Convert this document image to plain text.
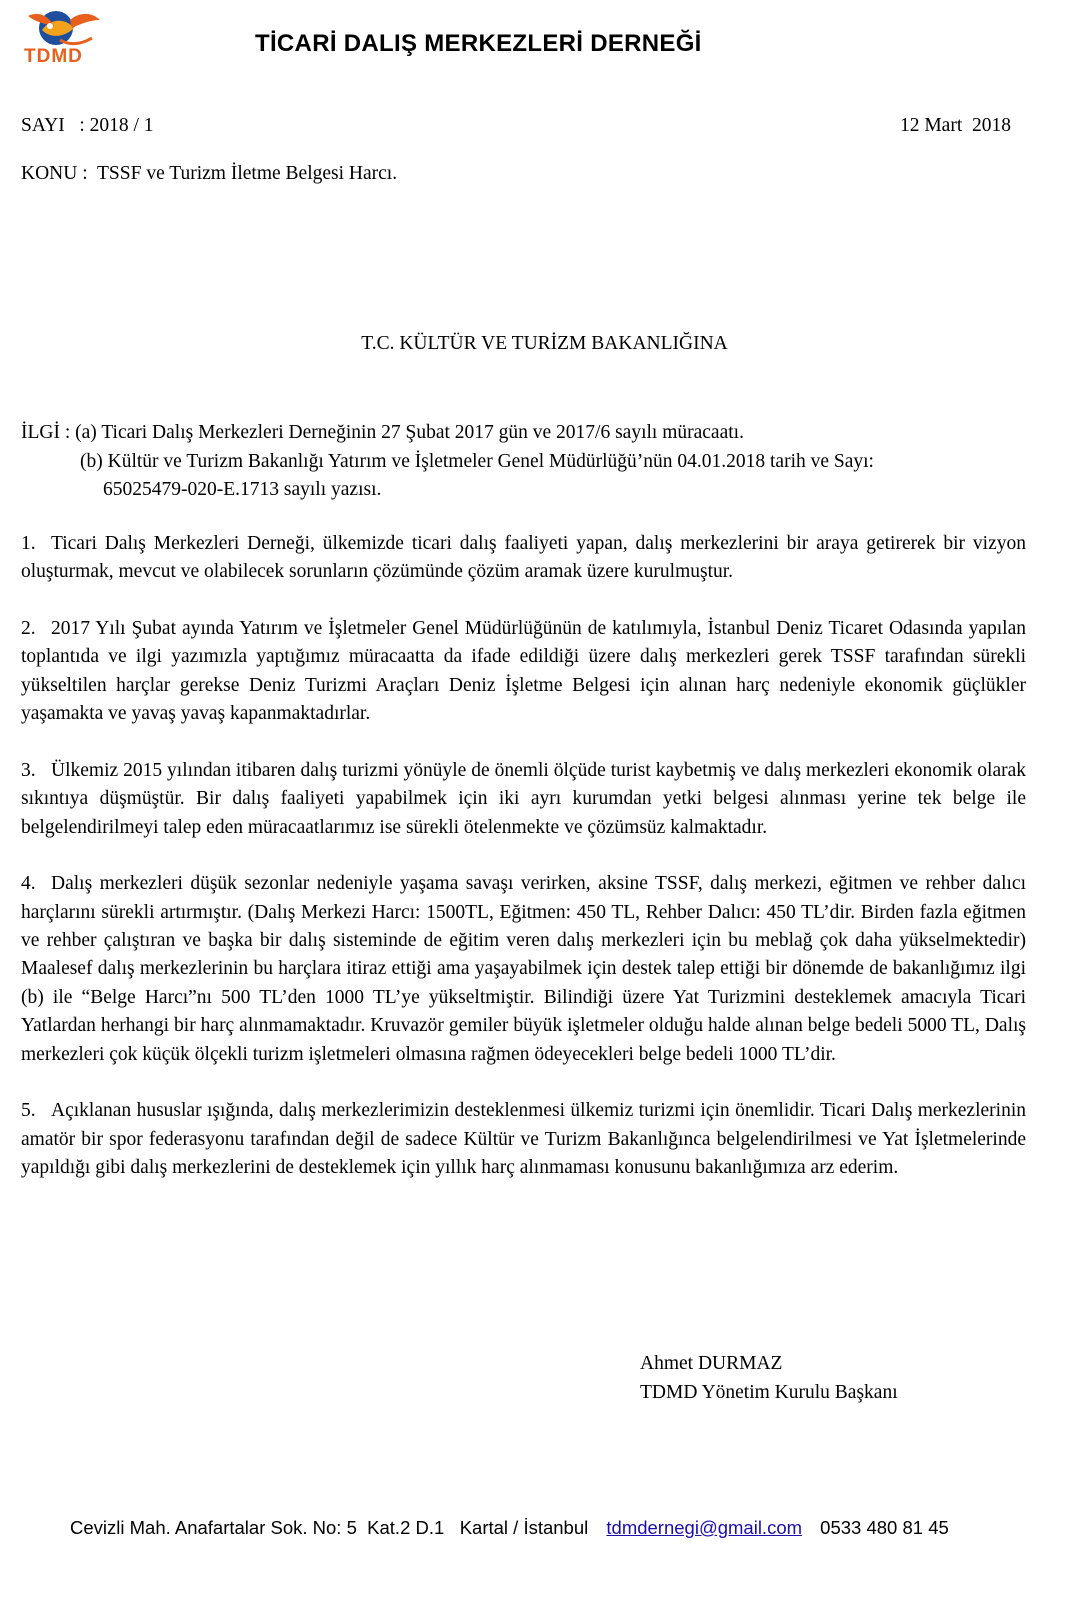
TDMD	TİCARİ DALIŞ MERKEZLERİ DERNEĞİ
SAYI   : 2018 / 1	12 Mart  2018
KONU :  TSSF ve Turizm İletme Belgesi Harcı.
T.C. KÜLTÜR VE TURİZM BAKANLIĞINA
İLGİ : (a) Ticari Dalış Merkezleri Derneğinin 27 Şubat 2017 gün ve 2017/6 sayılı müracaatı.
(b) Kültür ve Turizm Bakanlığı Yatırım ve İşletmeler Genel Müdürlüğü’nün 04.01.2018 tarih ve Sayı:
65025479-020-E.1713 sayılı yazısı.

1. Ticari Dalış Merkezleri Derneği, ülkemizde ticari dalış faaliyeti yapan, dalış merkezlerini bir araya getirerek bir vizyon oluşturmak, mevcut ve olabilecek sorunların çözümünde çözüm aramak üzere kurulmuştur.

2. 2017 Yılı Şubat ayında Yatırım ve İşletmeler Genel Müdürlüğünün de katılımıyla, İstanbul Deniz Ticaret Odasında yapılan toplantıda ve ilgi yazımızla yaptığımız müracaatta da ifade edildiği üzere dalış merkezleri gerek TSSF tarafından sürekli yükseltilen harçlar gerekse Deniz Turizmi Araçları Deniz İşletme Belgesi için alınan harç nedeniyle ekonomik güçlükler yaşamakta ve yavaş yavaş kapanmaktadırlar.

3. Ülkemiz 2015 yılından itibaren dalış turizmi yönüyle de önemli ölçüde turist kaybetmiş ve dalış merkezleri ekonomik olarak sıkıntıya düşmüştür. Bir dalış faaliyeti yapabilmek için iki ayrı kurumdan yetki belgesi alınması yerine tek belge ile belgelendirilmeyi talep eden müracaatlarımız ise sürekli ötelenmekte ve çözümsüz kalmaktadır.

4. Dalış merkezleri düşük sezonlar nedeniyle yaşama savaşı verirken, aksine TSSF, dalış merkezi, eğitmen ve rehber dalıcı harçlarını sürekli artırmıştır. (Dalış Merkezi Harcı: 1500TL, Eğitmen: 450 TL, Rehber Dalıcı: 450 TL’dir. Birden fazla eğitmen ve rehber çalıştıran ve başka bir dalış sisteminde de eğitim veren dalış merkezleri için bu meblağ çok daha yükselmektedir) Maalesef dalış merkezlerinin bu harçlara itiraz ettiği ama yaşayabilmek için destek talep ettiği bir dönemde de bakanlığımız ilgi (b) ile “Belge Harcı”nı 500 TL’den 1000 TL’ye yükseltmiştir. Bilindiği üzere Yat Turizmini desteklemek amacıyla Ticari Yatlardan herhangi bir harç alınmamaktadır. Kruvazör gemiler büyük işletmeler olduğu halde alınan belge bedeli 5000 TL, Dalış merkezleri çok küçük ölçekli turizm işletmeleri olmasına rağmen ödeyecekleri belge bedeli 1000 TL’dir.

5. Açıklanan hususlar ışığında, dalış merkezlerimizin desteklenmesi ülkemiz turizmi için önemlidir. Ticari Dalış merkezlerinin amatör bir spor federasyonu tarafından değil de sadece Kültür ve Turizm Bakanlığınca belgelendirilmesi ve Yat İşletmelerinde yapıldığı gibi dalış merkezlerini de desteklemek için yıllık harç alınmaması konusunu bakanlığımıza arz ederim.

Ahmet DURMAZ
TDMD Yönetim Kurulu Başkanı
Cevizli Mah. Anafartalar Sok. No: 5  Kat.2 D.1   Kartal / İstanbul tdmdernegi@gmail.com 0533 480 81 45
